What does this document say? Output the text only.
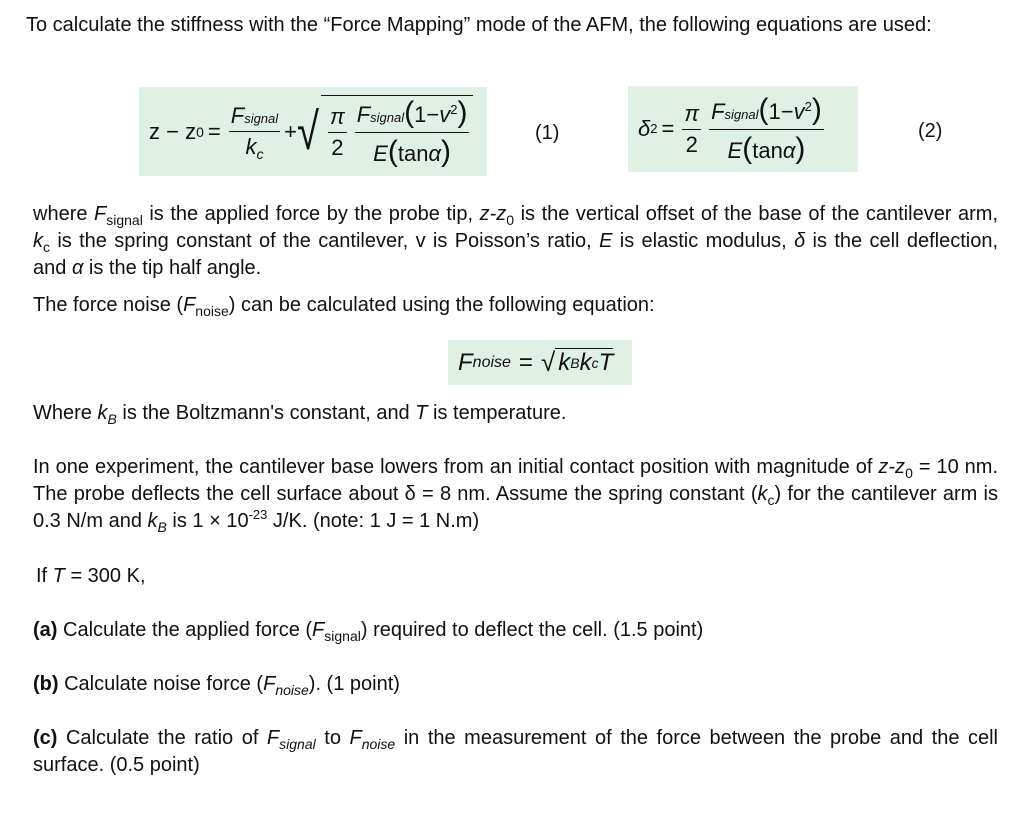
To calculate the stiffness with the “Force Mapping” mode of the AFM, the following equations are used:
z − z $0 = \frac{\text{Fsignal}}{k_c}$ + √ $\frac{\pi}{2} \frac{Fsignal(1-v^2)}{E(\tan\alpha)}$	(1)	δ $2 = \frac{\pi}{2} \frac{Fsignal(1-v^2)}{E(\tan\alpha)}$	(2)
where $F_{signal}$ is the applied force by the probe tip, $z-z_0$ is the vertical offset of the base of the cantilever arm, $k_c$ is the spring constant of the cantilever, v is Poisson’s ratio, E is elastic modulus, δ is the cell deflection, and α is the tip half angle.
The force noise $(F_{noise})$ can be calculated using the following equation:
F noise = √ k B k c T
Where $k_B$ is the Boltzmann's constant, and T is temperature.
In one experiment, the cantilever base lowers from an initial contact position with magnitude of $z-z_0 = 10$ nm. The probe deflects the cell surface about δ = 8 nm. Assume the spring constant $(k_c)$ for the cantilever arm is 0.3 N/m and $k_B$ is $1 \times 10^{-23}$ J/K. (note: 1 J = 1 N.m)
If T = 300 K,
(a) Calculate the applied force $(F_{signal})$ required to deflect the cell. (1.5 point)
(b) Calculate noise force $(F_{noise})$. (1 point)
(c) Calculate the ratio of $F_{signal}$ to $F_{noise}$ in the measurement of the force between the probe and the cell surface. (0.5 point)
